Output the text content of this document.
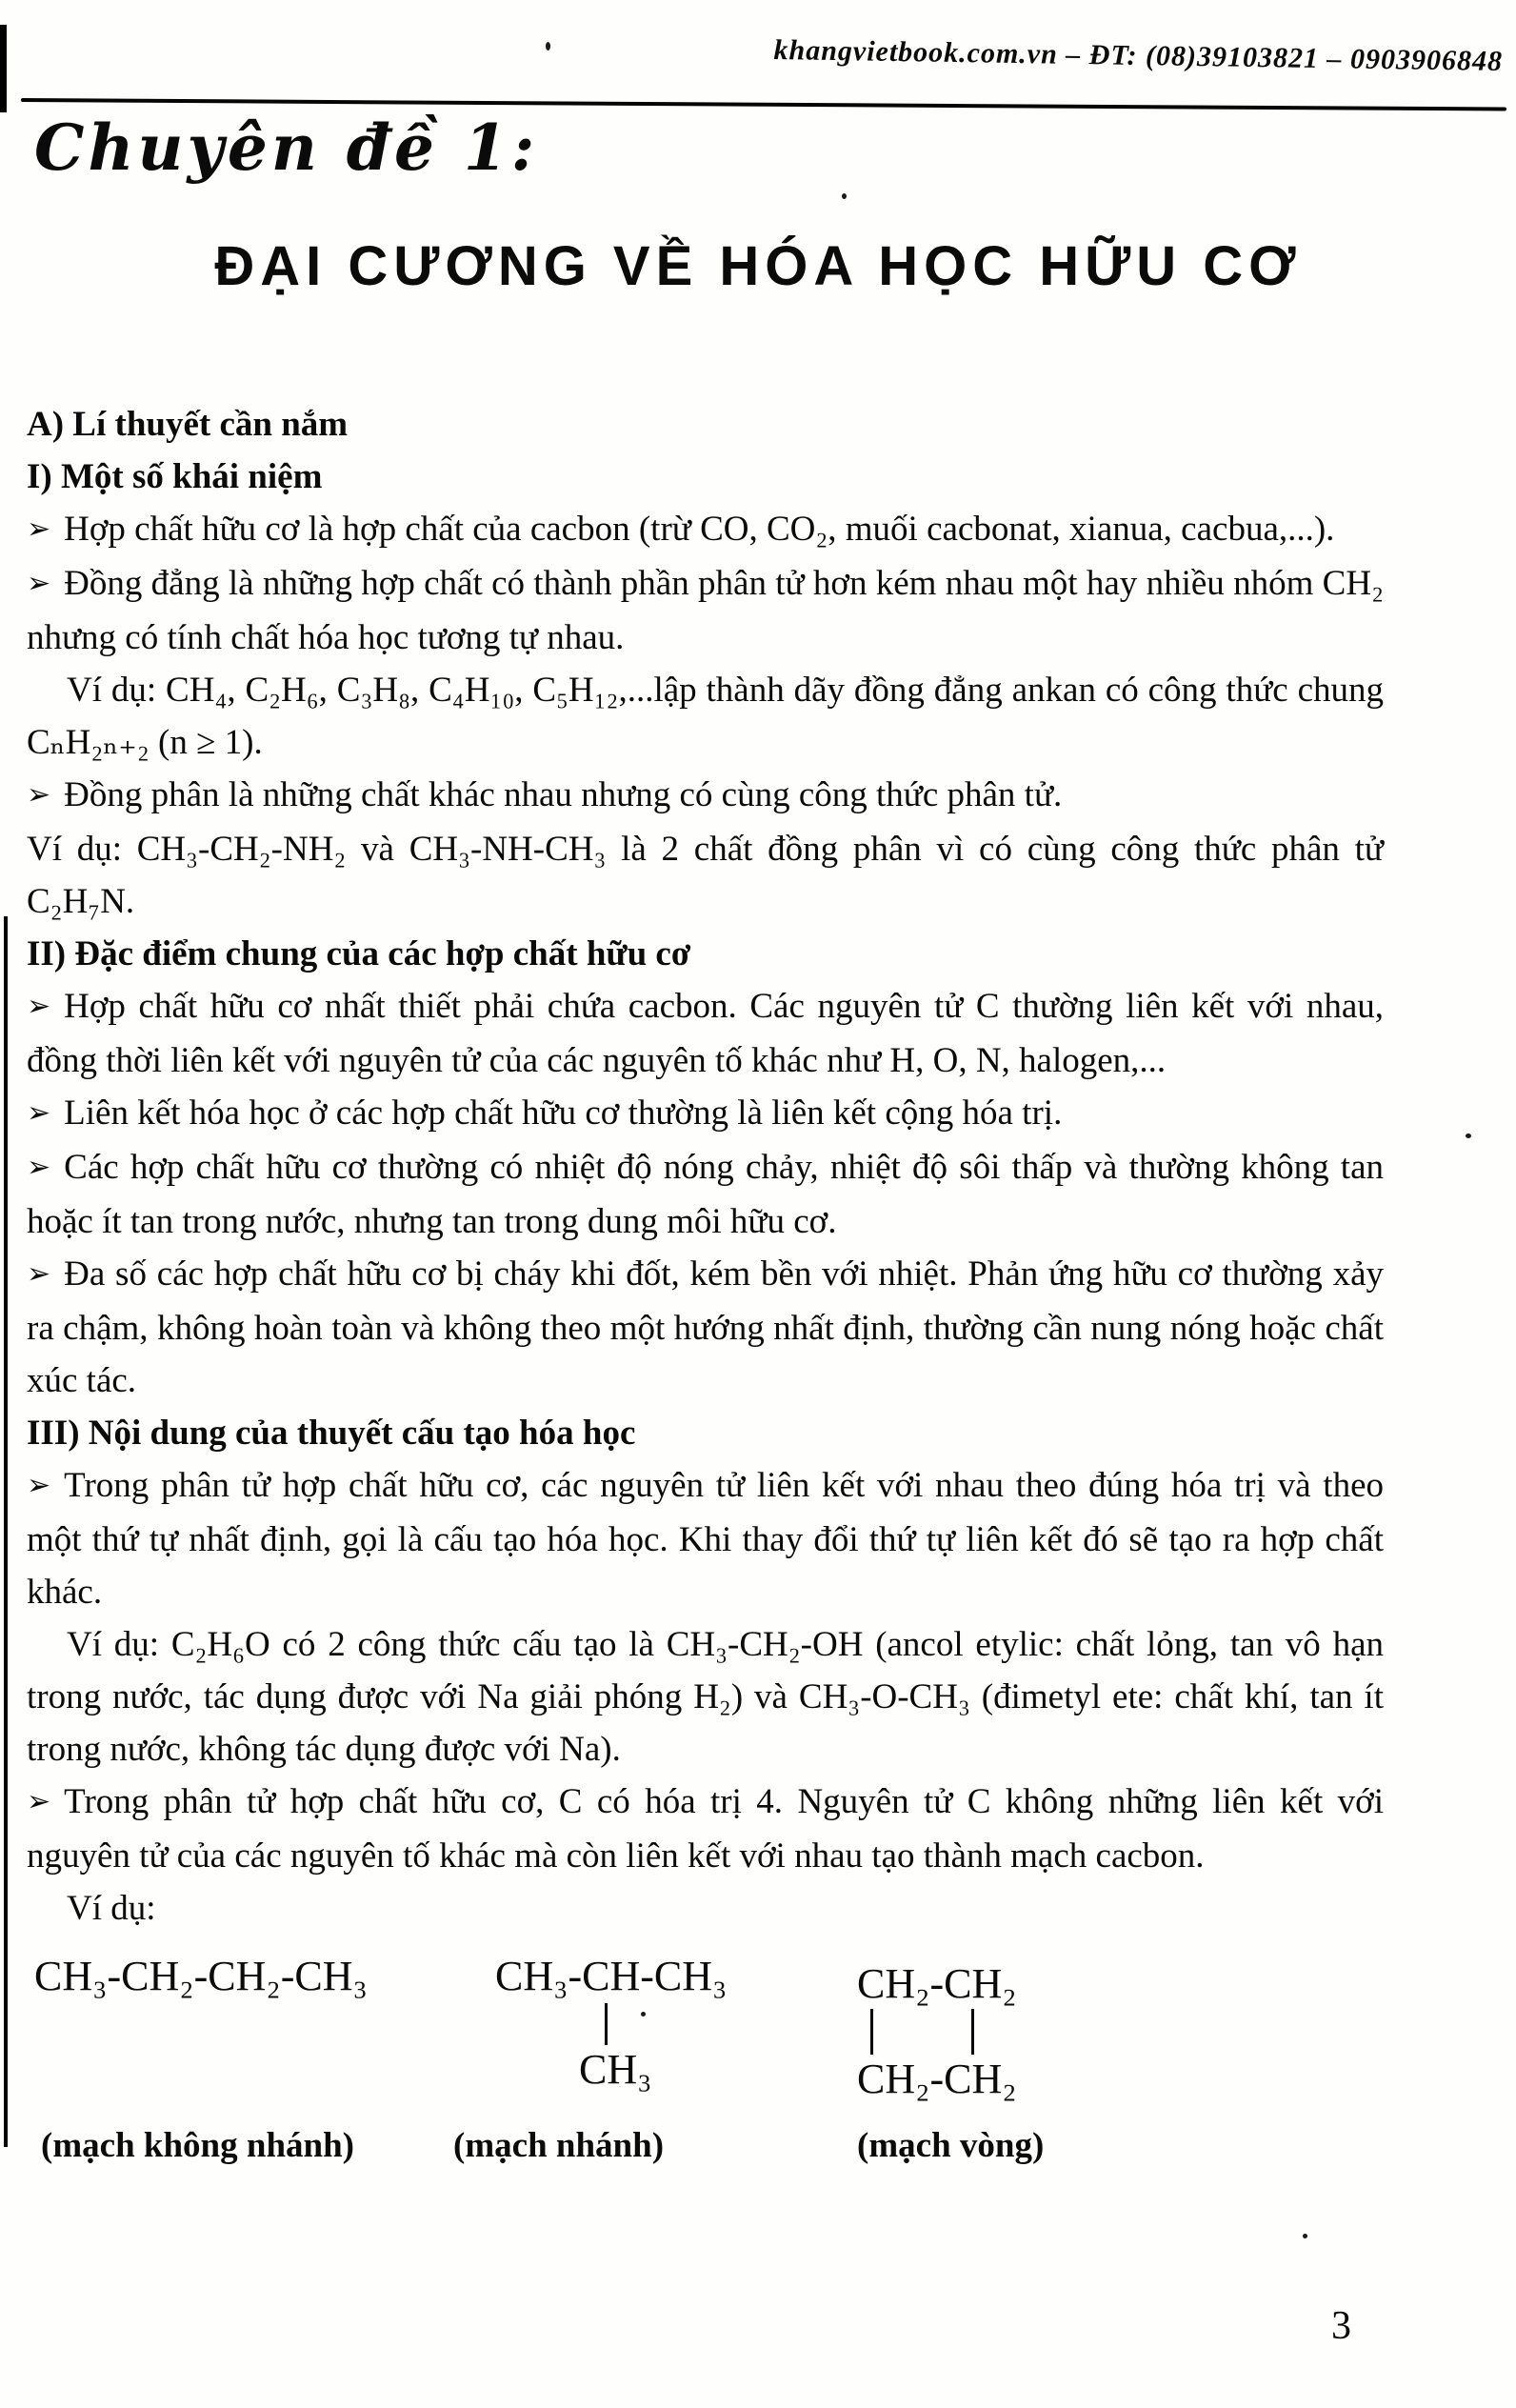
khangvietbook.com.vn – ĐT: (08)39103821 – 0903906848
Chuyên đề 1:
ĐẠI CƯƠNG VỀ HÓA HỌC HỮU CƠ

A) Lí thuyết cần nắm

I) Một số khái niệm

➢ Hợp chất hữu cơ là hợp chất của cacbon (trừ CO, CO₂, muối cacbonat, xianua, cacbua,...).

➢ Đồng đẳng là những hợp chất có thành phần phân tử hơn kém nhau một hay nhiều nhóm CH₂ nhưng có tính chất hóa học tương tự nhau.

Ví dụ: CH₄, C₂H₆, C₃H₈, C₄H₁₀, C₅H₁₂,...lập thành dãy đồng đẳng ankan có công thức chung CₙH₂ₙ₊₂ (n ≥ 1).

➢ Đồng phân là những chất khác nhau nhưng có cùng công thức phân tử.

Ví dụ: CH₃-CH₂-NH₂ và CH₃-NH-CH₃ là 2 chất đồng phân vì có cùng công thức phân tử C₂H₇N.

II) Đặc điểm chung của các hợp chất hữu cơ

➢ Hợp chất hữu cơ nhất thiết phải chứa cacbon. Các nguyên tử C thường liên kết với nhau, đồng thời liên kết với nguyên tử của các nguyên tố khác như H, O, N, halogen,...

➢ Liên kết hóa học ở các hợp chất hữu cơ thường là liên kết cộng hóa trị.

➢ Các hợp chất hữu cơ thường có nhiệt độ nóng chảy, nhiệt độ sôi thấp và thường không tan hoặc ít tan trong nước, nhưng tan trong dung môi hữu cơ.

➢ Đa số các hợp chất hữu cơ bị cháy khi đốt, kém bền với nhiệt. Phản ứng hữu cơ thường xảy ra chậm, không hoàn toàn và không theo một hướng nhất định, thường cần nung nóng hoặc chất xúc tác.

III) Nội dung của thuyết cấu tạo hóa học

➢ Trong phân tử hợp chất hữu cơ, các nguyên tử liên kết với nhau theo đúng hóa trị và theo một thứ tự nhất định, gọi là cấu tạo hóa học. Khi thay đổi thứ tự liên kết đó sẽ tạo ra hợp chất khác.

Ví dụ: C₂H₆O có 2 công thức cấu tạo là CH₃-CH₂-OH (ancol etylic: chất lỏng, tan vô hạn trong nước, tác dụng được với Na giải phóng H₂) và CH₃-O-CH₃ (đimetyl ete: chất khí, tan ít trong nước, không tác dụng được với Na).

➢ Trong phân tử hợp chất hữu cơ, C có hóa trị 4. Nguyên tử C không những liên kết với nguyên tử của các nguyên tố khác mà còn liên kết với nhau tạo thành mạch cacbon.

Ví dụ:

CH₃-CH₂-CH₂-CH₃	CH₃-CH-CH₃
CH₃
CH₂-CH₂
CH₂-CH₂
(mạch không nhánh)	(mạch nhánh)	(mạch vòng)
3
